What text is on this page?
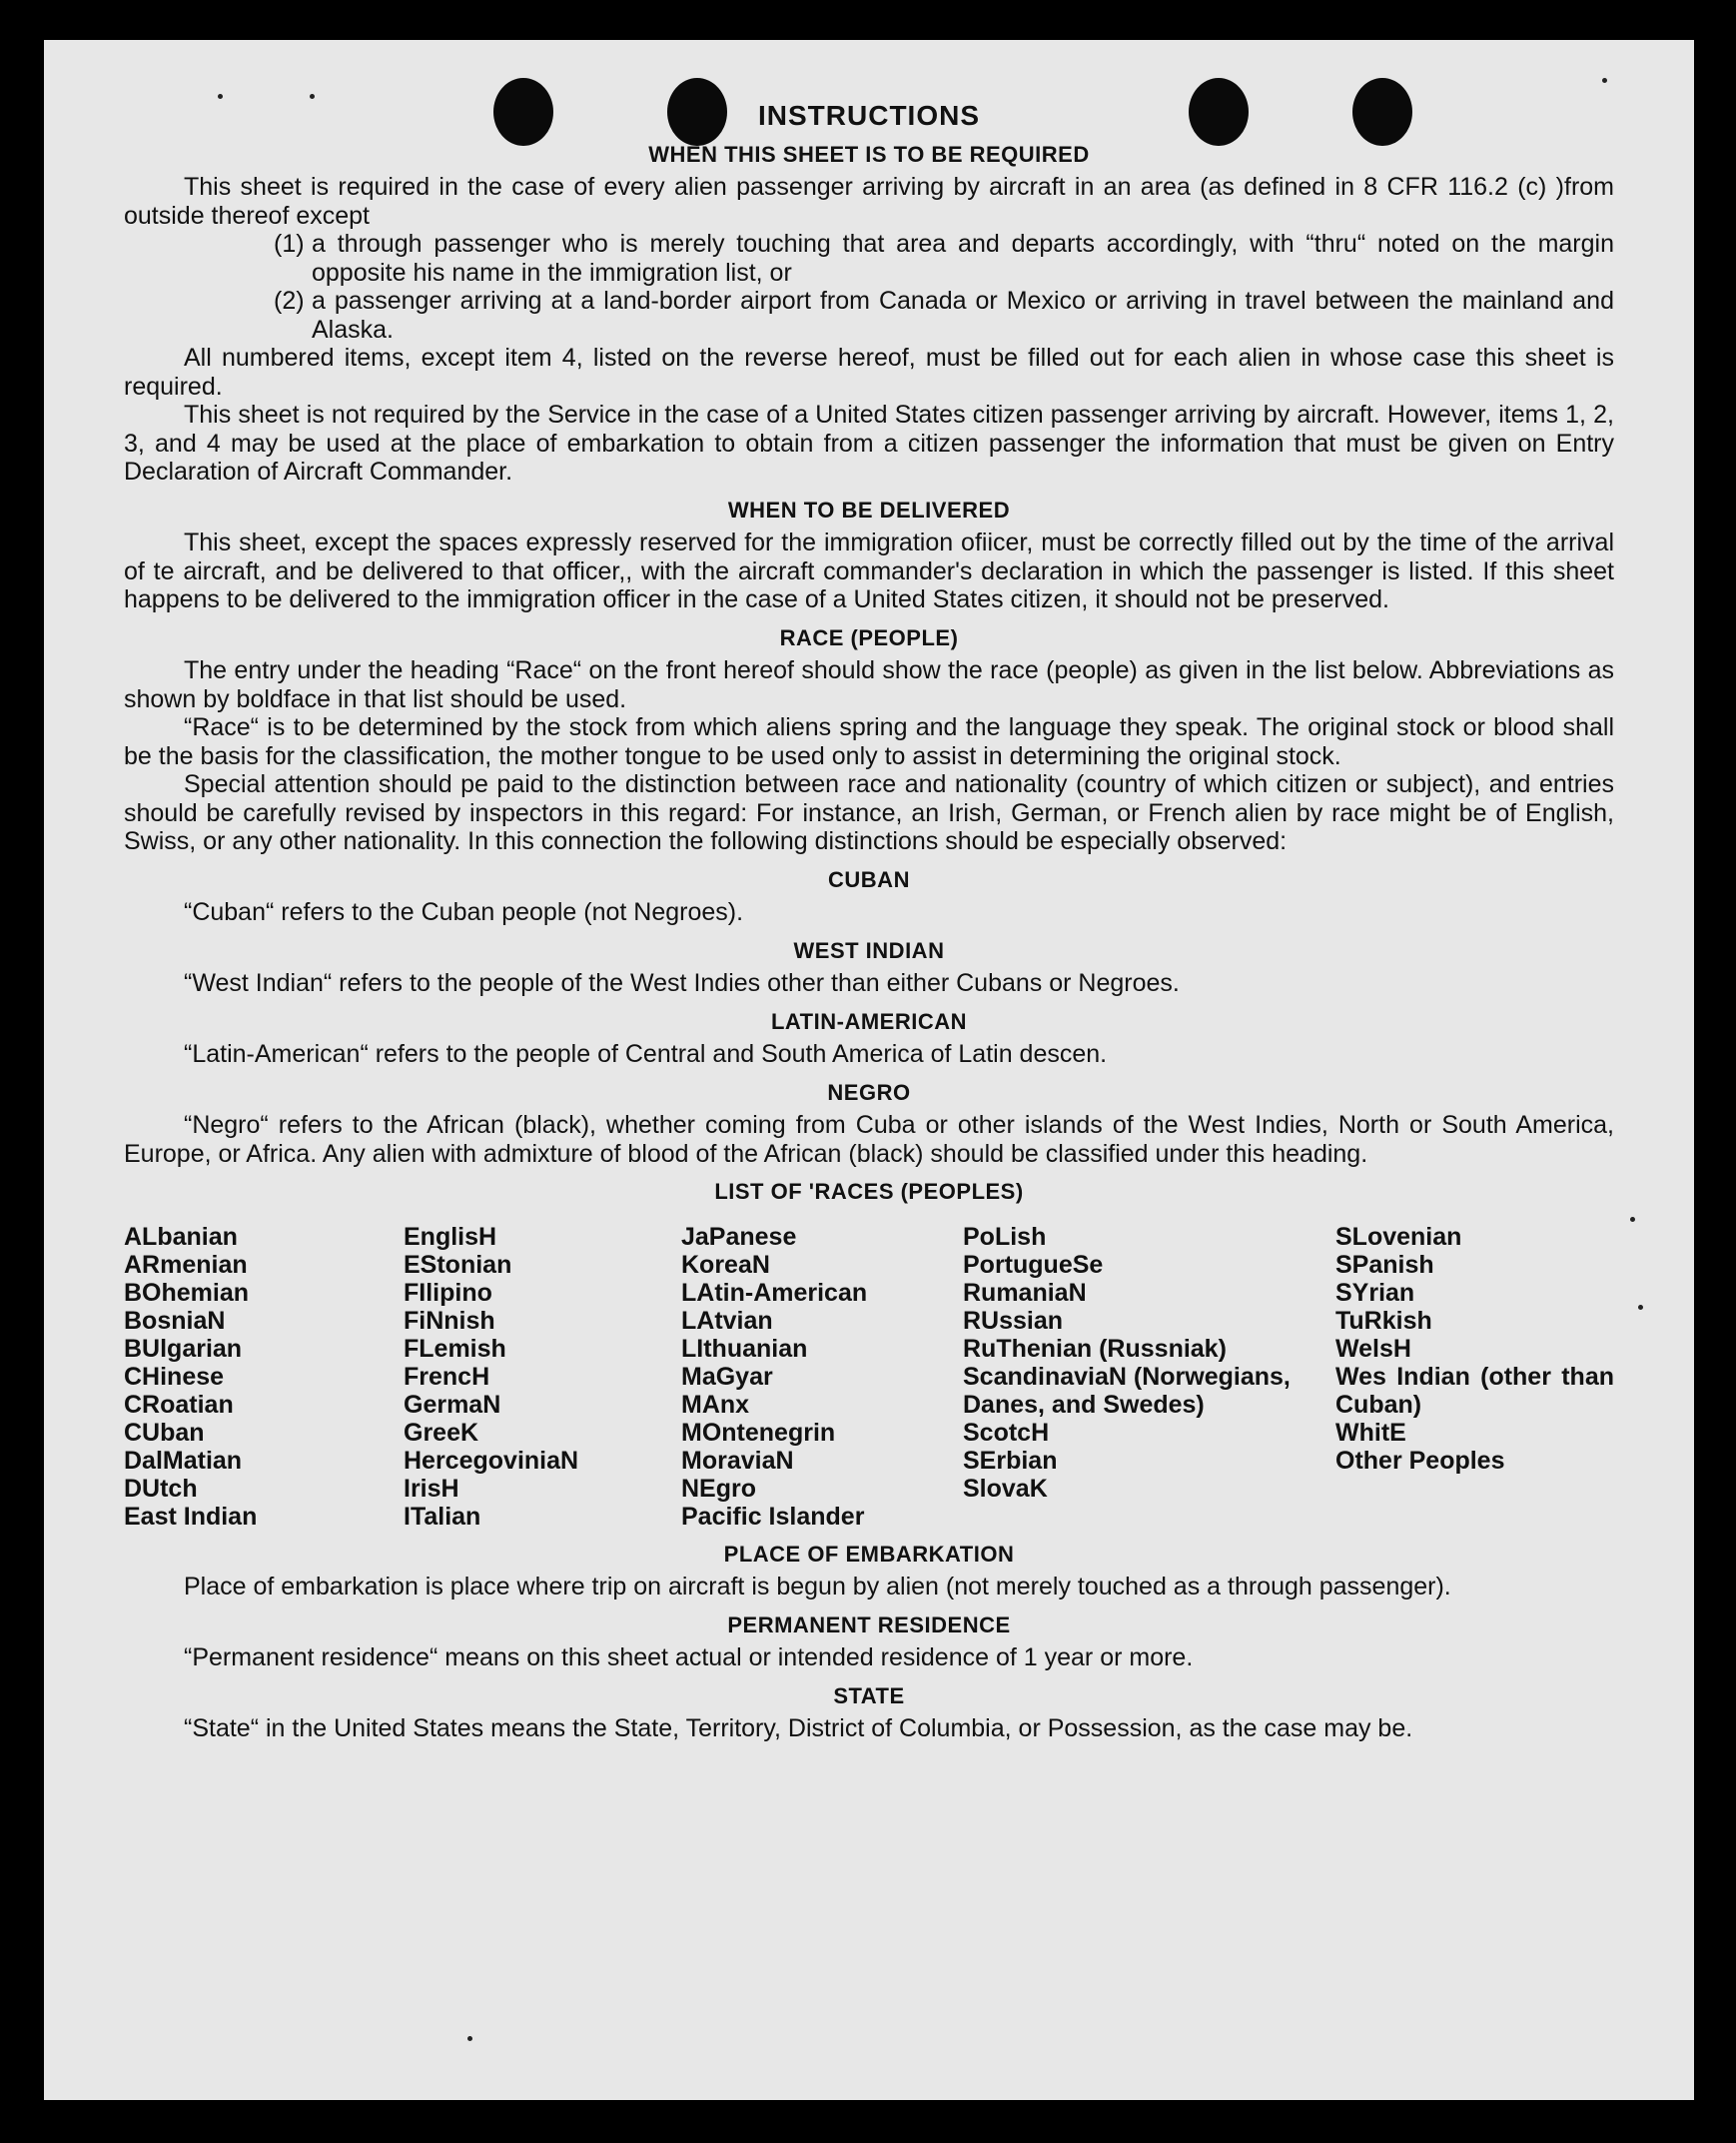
INSTRUCTIONS
WHEN THIS SHEET IS TO BE REQUIRED

This sheet is required in the case of every alien passenger arriving by aircraft in an area (as defined in 8 CFR 116.2 (c) )from outside thereof except

(1) a through passenger who is merely touching that area and departs accordingly, with “thru“ noted on the margin opposite his name in the immigration list, or
(2) a passenger arriving at a land-border airport from Canada or Mexico or arriving in travel between the mainland and Alaska.

All numbered items, except item 4, listed on the reverse hereof, must be filled out for each alien in whose case this sheet is required.

This sheet is not required by the Service in the case of a United States citizen passenger arriving by aircraft. However, items 1, 2, 3, and 4 may be used at the place of embarkation to obtain from a citizen passenger the information that must be given on Entry Declaration of Aircraft Commander.

WHEN TO BE DELIVERED

This sheet, except the spaces expressly reserved for the immigration ofiicer, must be correctly filled out by the time of the arrival of te aircraft, and be delivered to that officer,, with the aircraft commander's declaration in which the passenger is listed. If this sheet happens to be delivered to the immigration officer in the case of a United States citizen, it should not be preserved.

RACE (PEOPLE)

The entry under the heading “Race“ on the front hereof should show the race (people) as given in the list below. Abbreviations as shown by boldface in that list should be used.

“Race“ is to be determined by the stock from which aliens spring and the language they speak. The original stock or blood shall be the basis for the classification, the mother tongue to be used only to assist in determining the original stock.

Special attention should pe paid to the distinction between race and nationality (country of which citizen or subject), and entries should be carefully revised by inspectors in this regard: For instance, an Irish, German, or French alien by race might be of English, Swiss, or any other nationality. In this connection the following distinctions should be especially observed:

CUBAN

“Cuban“ refers to the Cuban people (not Negroes).

WEST INDIAN

“West Indian“ refers to the people of the West Indies other than either Cubans or Negroes.

LATIN-AMERICAN

“Latin-American“ refers to the people of Central and South America of Latin descen.

NEGRO

“Negro“ refers to the African (black), whether coming from Cuba or other islands of the West Indies, North or South America, Europe, or Africa. Any alien with admixture of blood of the African (black) should be classified under this heading.

LIST OF 'RACES (PEOPLES)
ALbanian
ARmenian
BOhemian
BosniaN
BUlgarian
CHinese
CRoatian
CUban
DalMatian
DUtch
East Indian
EnglisH
EStonian
FIlipino
FiNnish
FLemish
FrencH
GermaN
GreeK
HercegoviniaN
IrisH
ITalian
JaPanese
KoreaN
LAtin-American
LAtvian
LIthuanian
MaGyar
MAnx
MOntenegrin
MoraviaN
NEgro
Pacific Islander
PoLish
PortugueSe
RumaniaN
RUssian
RuThenian (Russniak)
ScandinaviaN (Norwegians, Danes, and Swedes)
ScotcH
SErbian
SlovaK
SLovenian
SPanish
SYrian
TuRkish
WelsH
Wes Indian (other than Cuban)
WhitE
Other Peoples
PLACE OF EMBARKATION

Place of embarkation is place where trip on aircraft is begun by alien (not merely touched as a through passenger).

PERMANENT RESIDENCE

“Permanent residence“ means on this sheet actual or intended residence of 1 year or more.

STATE

“State“ in the United States means the State, Territory, District of Columbia, or Possession, as the case may be.
